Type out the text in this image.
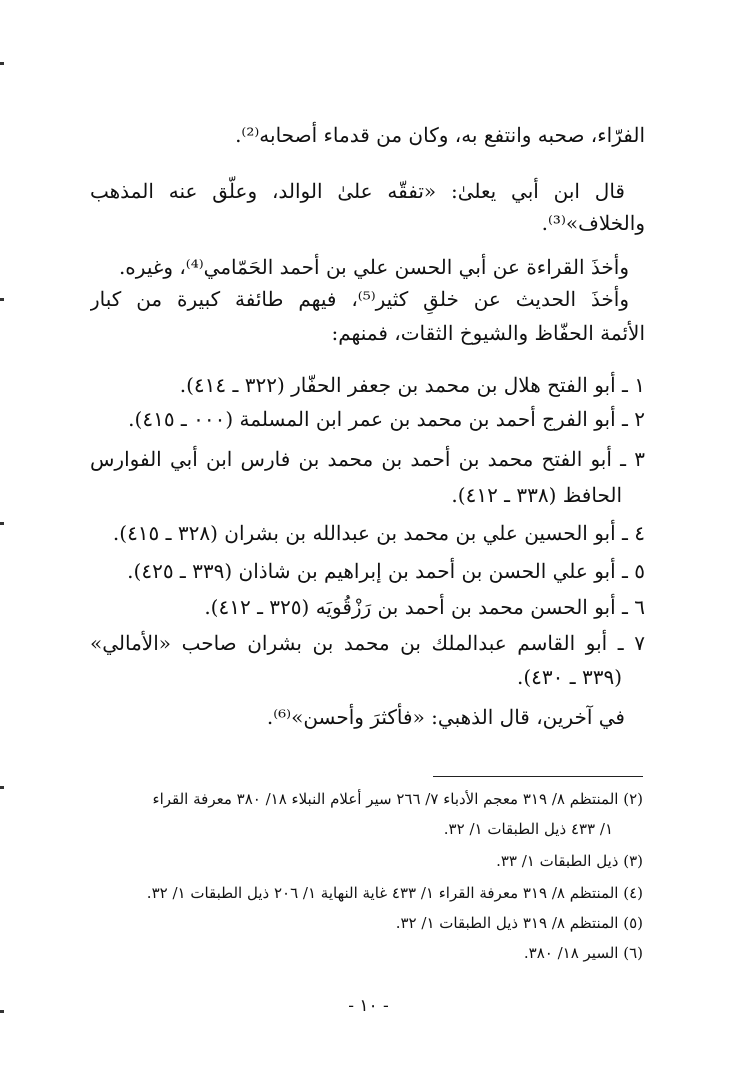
الفرّاء، صحبه وانتفع به، وكان من قدماء أصحابه⁽²⁾.
قال ابن أبي يعلىٰ: «تفقّه علىٰ الوالد، وعلّق عنه المذهب
والخلاف»⁽³⁾.
وأخذَ القراءة عن أبي الحسن علي بن أحمد الحَمّامي⁽⁴⁾، وغيره.
وأخذَ الحديث عن خلقٍ كثير⁽⁵⁾، فيهم طائفة كبيرة من كبار
الأئمة الحفّاظ والشيوخ الثقات، فمنهم:
١ ـ أبو الفتح هلال بن محمد بن جعفر الحفّار (٣٢٢ ـ ٤١٤).
٢ ـ أبو الفرج أحمد بن محمد بن عمر ابن المسلمة (٠٠٠ ـ ٤١٥).
٣ ـ أبو الفتح محمد بن أحمد بن محمد بن فارس ابن أبي الفوارس
الحافظ (٣٣٨ ـ ٤١٢).
٤ ـ أبو الحسين علي بن محمد بن عبدالله بن بشران (٣٢٨ ـ ٤١٥).
٥ ـ أبو علي الحسن بن أحمد بن إبراهيم بن شاذان (٣٣٩ ـ ٤٢٥).
٦ ـ أبو الحسن محمد بن أحمد بن رَزْقُويَه (٣٢٥ ـ ٤١٢).
٧ ـ أبو القاسم عبدالملك بن محمد بن بشران صاحب «الأمالي»
(٣٣٩ ـ ٤٣٠).
في آخرين، قال الذهبي: «فأكثرَ وأحسن»⁽⁶⁾.
(٢) المنتظم ٨/ ٣١٩ معجم الأدباء ٧/ ٢٦٦ سير أعلام النبلاء ١٨/ ٣٨٠ معرفة القراء
١/ ٤٣٣ ذيل الطبقات ١/ ٣٢.
(٣) ذيل الطبقات ١/ ٣٣.
(٤) المنتظم ٨/ ٣١٩ معرفة القراء ١/ ٤٣٣ غاية النهاية ١/ ٢٠٦ ذيل الطبقات ١/ ٣٢.
(٥) المنتظم ٨/ ٣١٩ ذيل الطبقات ١/ ٣٢.
(٦) السير ١٨/ ٣٨٠.
- ١٠ -
